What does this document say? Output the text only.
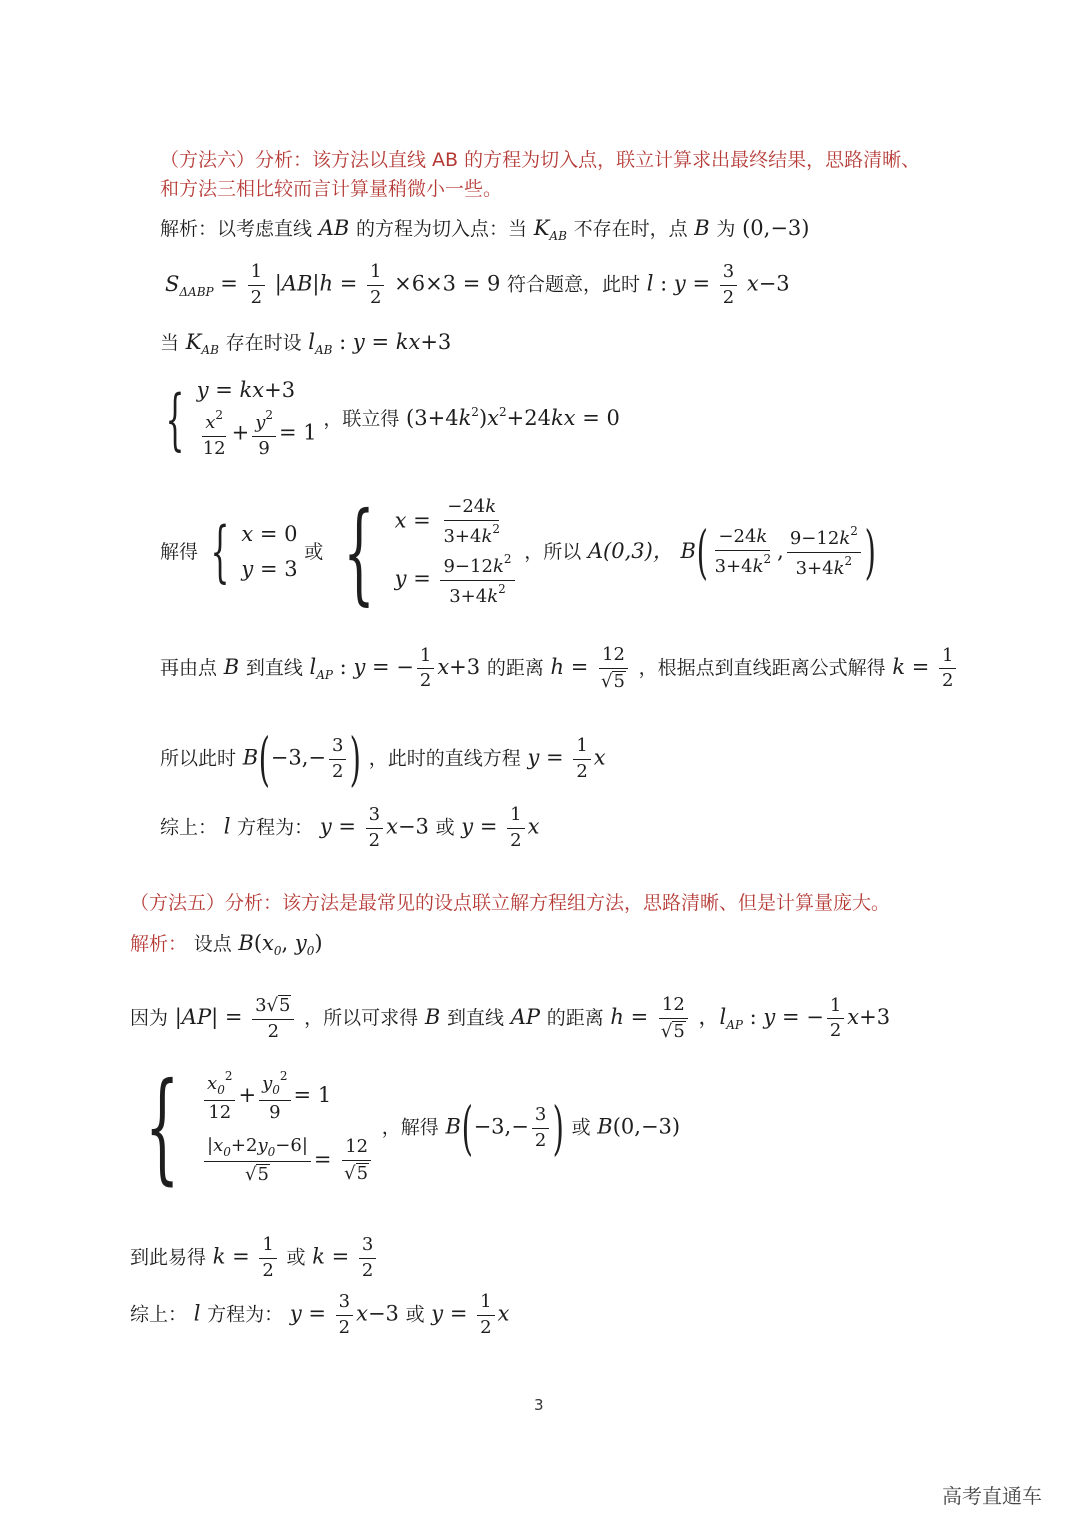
（方法六）分析：该方法以直线 AB 的方程为切入点，联立计算求出最终结果，思路清晰、
和方法三相比较而言计算量稍微小一些。
解析：以考虑直线 AB 的方程为切入点：当 $K_{AB}$ 不存在时，点 B 为 (0,−3)
$S_{\Delta ABP} = \frac{1}{2} |AB|h = \frac{1}{2} \times 6\times 3 = 9$ 符合题意，此时 l : $y = \frac{3}{2} x-3$
当 $K_{AB}$ 存在时设 $l_{AB}$ : y = kx+3
{ y = kx+3
$\frac{x^2}{12} + \frac{y^2}{9} = 1$
，联立得 $(3+4k^2)x^2+24kx = 0$
解得 { x = 0
y = 3
或 { $x = \frac{-24k}{3+4k^2}$
$y = \frac{9-12k^2}{3+4k^2}$
，所以 A(0,3)， $B( \frac{-24k}{3+4k^2}$ , $\frac{9-12k^2}{3+4k^2}$ )
再由点 B 到直线 $l_{AP}$ : y = − $\frac{1}{2} x+3$ 的距离 $h = \frac{12}{√5}$ ，根据点到直线距离公式解得 $k = \frac{1}{2}$
所以此时 $B(-3,- \frac{3}{2}$ ) ，此时的直线方程 $y = \frac{1}{2}$ x
综上： l 方程为： $y = \frac{3}{2} x-3$ 或 $y = \frac{1}{2}$ x
（方法五）分析：该方法是最常见的设点联立解方程组方法，思路清晰、但是计算量庞大。
解析： 设点 $B(x_0$, $y_0$)
因为 $|AP| = \frac{3√5}{2}$ ，所以可求得 B 到直线 AP 的距离 $h = \frac{12}{√5}$ ，$l_{AP}$ : y = − $\frac{1}{2} x+3$
{ $\frac{x_0^2}{12} + \frac{y_0^2}{9} = 1$
$\frac{|x_0+2y_0-6|}{√5} = \frac{12}{√5}$
，解得 $B(-3,- \frac{3}{2}$ ) 或 B(0,−3)
到此易得 $k = \frac{1}{2}$ 或 $k = \frac{3}{2}$
综上： l 方程为： $y = \frac{3}{2} x-3$ 或 $y = \frac{1}{2}$ x
3
高考直通车
